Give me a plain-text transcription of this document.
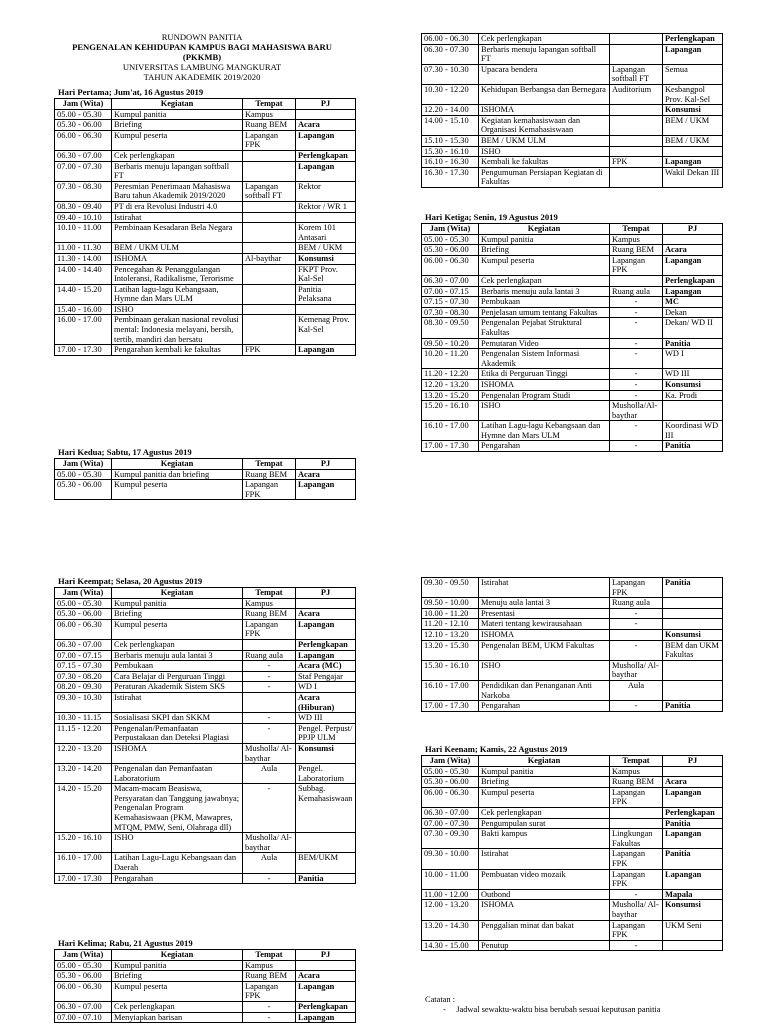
RUNDOWN PANITIA
PENGENALAN KEHIDUPAN KAMPUS BAGI MAHASISWA BARU (PKKMB)
UNIVERSITAS LAMBUNG MANGKURAT
TAHUN AKADEMIK 2019/2020
Hari Pertama; Jum'at, 16 Agustus 2019
Jam (Wita)	Kegiatan	Tempat	PJ
05.00 - 05.30	Kumpul panitia	Kampus	
05.30 - 06.00	Briefing	Ruang BEM	Acara
06.00 - 06.30	Kumpul peserta	Lapangan FPK	Lapangan
06.30 - 07.00	Cek perlengkapan		Perlengkapan
07.00 - 07.30	Berbaris menuju lapangan softball FT		Lapangan
07.30 - 08.30	Peresmian Penerimaan Mahasiswa Baru tahun Akademik 2019/2020	Lapangan softball FT	Rektor
08.30 - 09.40	PT di era Revolusi Industri 4.0		Rektor / WR 1
09.40 - 10.10	Istirahat		
10.10 - 11.00	Pembinaan Kesadaran Bela Negara		Korem 101 Antasari
11.00 - 11.30	BEM / UKM ULM		BEM / UKM
11.30 - 14.00	ISHOMA	Al-baythar	Konsumsi
14.00 - 14.40	Pencegahan & Penanggulangan Intoleransi, Radikalisme, Terorisme		FKPT Prov. Kal-Sel
14.40 - 15.20	Latihan lagu-lagu Kebangsaan, Hymne dan Mars ULM		Panitia Pelaksana
15.40 - 16.00	ISHO		
16.00 - 17.00	Pembinaan gerakan nasional revolusi mental: Indonesia melayani, bersih, tertib, mandiri dan bersatu		Kemenag Prov. Kal-Sel
17.00 - 17.30	Pengarahan kembali ke fakultas	FPK	Lapangan
Hari Kedua; Sabtu, 17 Agustus 2019
Jam (Wita)	Kegiatan	Tempat	PJ
05.00 - 05.30	Kumpul panitia dan briefing	Ruang BEM	Acara
05.30 - 06.00	Kumpul peserta	Lapangan FPK	Lapangan
06.00 - 06.30	Cek perlengkapan		Perlengkapan
06.30 - 07.30	Berbaris menuju lapangan softball FT		Lapangan
07.30 - 10.30	Upacara bendera	Lapangan softball FT	Semua
10.30 - 12.20	Kehidupan Berbangsa dan Bernegara	Auditorium	Kesbangpol Prov. Kal-Sel
12.20 - 14.00	ISHOMA		Konsumsi
14.00 - 15.10	Kegiatan kemahasiswaan dan Organisasi Kemahasiswaan		BEM / UKM
15.10 - 15.30	BEM / UKM ULM		BEM / UKM
15.30 - 16.10	ISHO		
16.10 - 16.30	Kembali ke fakultas	FPK	Lapangan
16.30 - 17.30	Pengumuman Persiapan Kegiatan di Fakultas		Wakil Dekan III
Hari Ketiga; Senin, 19 Agustus 2019
Jam (Wita)	Kegiatan	Tempat	PJ
05.00 - 05.30	Kumpul panitia	Kampus	
05.30 - 06.00	Briefing	Ruang BEM	Acara
06.00 - 06.30	Kumpul peserta	Lapangan FPK	Lapangan
06.30 - 07.00	Cek perlengkapan		Perlengkapan
07.00 - 07.15	Berbaris menuju aula lantai 3	Ruang aula	Lapangan
07.15 - 07.30	Pembukaan	-	MC
07.30 - 08.30	Penjelasan umum tentang Fakultas	-	Dekan
08.30 - 09.50	Pengenalan Pejabat Struktural Fakultas	-	Dekan/ WD II
09.50 - 10.20	Pemutaran Video	-	Panitia
10.20 - 11.20	Pengenalan Sistem Informasi Akademik	-	WD I
11.20 - 12.20	Etika di Perguruan Tinggi	-	WD III
12.20 - 13.20	ISHOMA	-	Konsumsi
13.20 - 15.20	Pengenalan Program Studi	-	Ka. Prodi
15.20 - 16.10	ISHO	Musholla/Al-baythar	
16.10 - 17.00	Latihan Lagu-lagu Kebangsaan dan Hymne dan Mars ULM	-	Koordinasi WD III
17.00 - 17.30	Pengarahan	-	Panitia
Hari Keempat; Selasa, 20 Agustus 2019
Jam (Wita)	Kegiatan	Tempat	PJ
05.00 - 05.30	Kumpul panitia	Kampus	
05.30 - 06.00	Briefing	Ruang BEM	Acara
06.00 - 06.30	Kumpul peserta	Lapangan FPK	Lapangan
06.30 - 07.00	Cek perlengkapan		Perlengkapan
07.00 - 07.15	Berbaris menuju aula lantai 3	Ruang aula	Lapangan
07.15 - 07.30	Pembukaan	-	Acara (MC)
07.30 - 08.20	Cara Belajar di Perguruan Tinggi	-	Staf Pengajar
08.20 - 09.30	Peraturan Akademik Sistem SKS	-	WD I
09.30 - 10.30	Istirahat		Acara (Hiburan)
10.30 - 11.15	Sosialisasi SKPI dan SKKM	-	WD III
11.15 - 12.20	Pengenalan/Pemanfaatan Perpustakaan dan Deteksi Plagiasi	-	Pengel. Perpust/ PPJP ULM
12.20 - 13.20	ISHOMA	Musholla/ Al-baythar	Konsumsi
13.20 - 14.20	Pengenalan dan Pemanfaatan Laboratorium	Aula	Pengel. Laboratorium
14.20 - 15.20	Macam-macam Beasiswa, Persyaratan dan Tanggung jawabnya; Pengenalan Program Kemahasiswaan (PKM, Mawapres, MTQM, PMW, Seni, Olahraga dll)	-	Subbag. Kemahasiswaan
15.20 - 16.10	ISHO	Musholla/ Al-baythar	
16.10 - 17.00	Latihan Lagu-Lagu Kebangsaan dan Daerah	Aula	BEM/UKM
17.00 - 17.30	Pengarahan	-	Panitia
Hari Kelima; Rabu, 21 Agustus 2019
Jam (Wita)	Kegiatan	Tempat	PJ
05.00 - 05.30	Kumpul panitia	Kampus	
05.30 - 06.00	Briefing	Ruang BEM	Acara
06.00 - 06.30	Kumpul peserta	Lapangan FPK	Lapangan
06.30 - 07.00	Cek perlengkapan	-	Perlengkapan
07.00 - 07.10	Menyiapkan barisan	-	Lapangan
09.30 - 09.50	Istirahat	Lapangan FPK	Panitia
09.50 - 10.00	Menuju aula lantai 3	Ruang aula	
10.00 - 11.20	Presentasi	-	
11.20 - 12.10	Materi tentang kewirausahaan	-	
12.10 - 13.20	ISHOMA		Konsumsi
13.20 - 15.30	Pengenalan BEM, UKM Fakultas	-	BEM dan UKM Fakultas
15.30 - 16.10	ISHO	Musholla/ Al-baythar	
16.10 - 17.00	Pendidikan dan Penanganan Anti Narkoba	Aula	
17.00 - 17.30	Pengarahan	-	Panitia
Hari Keenam; Kamis, 22 Agustus 2019
Jam (Wita)	Kegiatan	Tempat	PJ
05.00 - 05.30	Kumpul panitia	Kampus	
05.30 - 06.00	Briefing	Ruang BEM	Acara
06.00 - 06.30	Kumpul peserta	Lapangan FPK	Lapangan
06.30 - 07.00	Cek perlengkapan		Perlengkapan
07.00 - 07.30	Pengumpulan surat		Panitia
07.30 - 09.30	Bakti kampus	Lingkungan Fakultas	Lapangan
09.30 - 10.00	Istirahat	Lapangan FPK	Panitia
10.00 - 11.00	Pembuatan video mozaik	Lapangan FPK	Lapangan
11.00 - 12.00	Outbond	-	Mapala
12.00 - 13.20	ISHOMA	Musholla/ Al-baythar	Konsumsi
13.20 - 14.30	Penggalian minat dan bakat	Lapangan FPK	UKM Seni
14.30 - 15.00	Penutup	-	
Catatan :
-     Jadwal sewaktu-waktu bisa berubah sesuai keputusan panitia
